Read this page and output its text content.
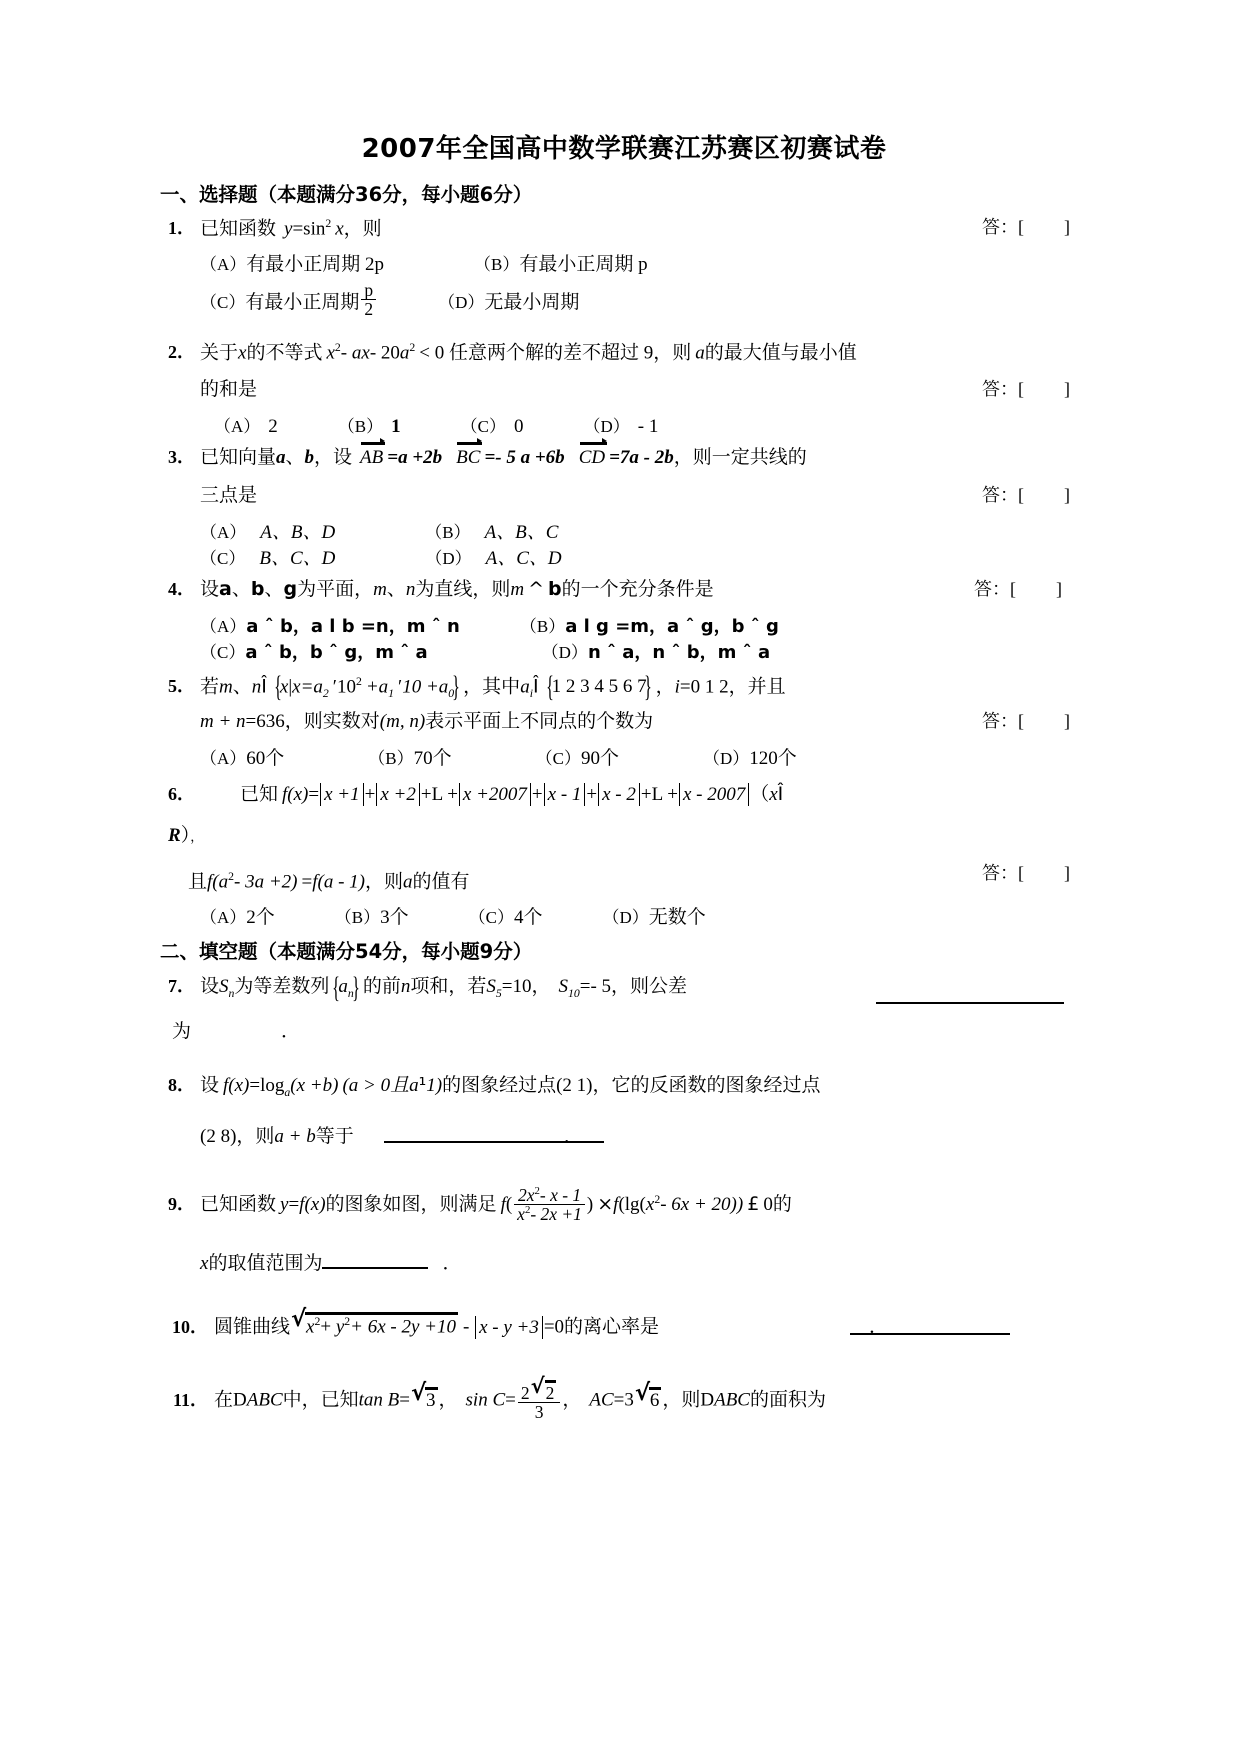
2007年全国高中数学联赛江苏赛区初赛试卷
一、选择题（本题满分36分，每小题6分）
1． 已知函数 $y=\sin^2$ x，则	答：[ ]
（A）有最小正周期 2p	（B）有最小正周期 p
（C）有最小正周期 $\frac{p}{2}$	（D）无最小周期
2． 关于x的不等式 $x^2-$ ax- $20a^2 < 0$ 任意两个解的差不超过 9，则 a的最大值与最小值
的和是	答：[ ]
（A） 2	（B） 1	（C） 0	（D） - 1
3． 已知向量a、b，设 AB =a +2b BC =- 5 a +6b CD =7a - 2b，则一定共线的
三点是	答：[ ]
（A） A、B、D	（B） A、B、C
（C） B、C、D	（D） A、C、D
4． 设a、b、g为平面，m、n为直线，则m ^ b的一个充分条件是	答：[ ]
（A）a ˆ b，a l b =n，m ˆ n	（B）a l g =m，a ˆ g，b ˆ g
（C）a ˆ b，b ˆ g，m ˆ a	（D）n ˆ a，n ˆ b，m ˆ a
5． 若m、nÎ { $x|x=a_2$ $'10^2 +a_1$ $'10 +a_0$ } ，其中$a_iÎ$ { 1 2 3 4 5 6 7 } ，i=0 1 2，并且
m + n=636，则实数对(m, n)表示平面上不同点的个数为	答：[ ]
（A）60个	（B）70个	（C）90个	（D）120个
6． 已知 f(x)= x +1 + x +2 +L + x +2007 + x - 1 + x - 2 +L + x - 2007 （xÎ
R），
且$f(a^2-$ 3a +2) =f(a - 1)，则a的值有	答：[ ]
（A）2个	（B）3个	（C）4个	（D）无数个
二、填空题（本题满分54分，每小题9分）
7． 设$S_n$为等差数列 { $a_n$ } 的前n项和，若$S_5=10$， $S_{10}=-$ 5，则公差
为	．
8． 设 $f(x)=\log_a(x +b) (a > 0$且a¹1)的图象经过点(2 1)，它的反函数的图象经过点
(2 8)，则a + b等于	．
9． 已知函数 y=f(x)的图象如图，则满足 $f( \frac{2x^2- x - 1}{x^2- 2x +1}$ ) $\times f(\lg(x^2-$ 6x + 20)) £ 0的
x的取值范围为	．
10． 圆锥曲线 √ $x^2+ y^2+ 6x - 2y +10 - x - y +3 =0$的离心率是	．
11． 在DABC中，已知tan B= √ 3 ， $\sin C= \frac{2 √ 2}{3}$ ， AC=3 √ 6 ，则DABC的面积为
